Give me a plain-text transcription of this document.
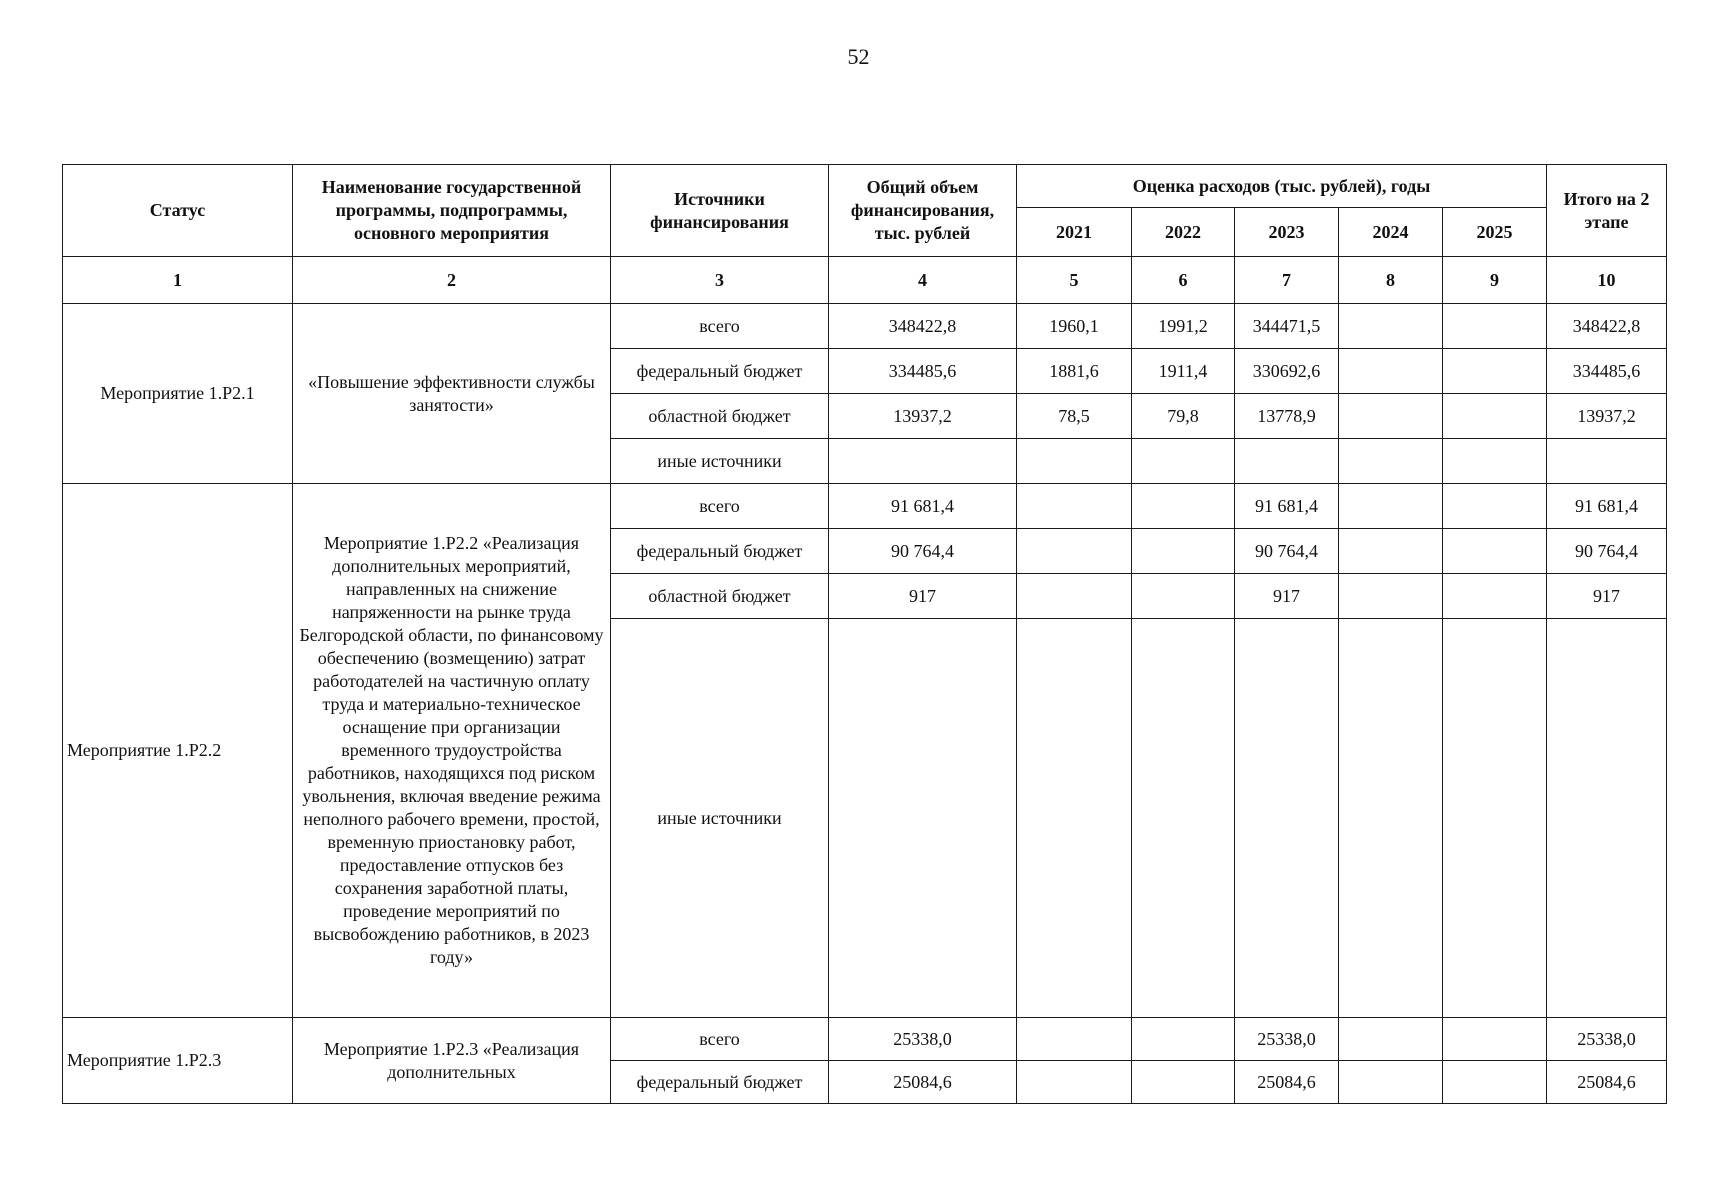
52
Статус	Наименование государственной программы, подпрограммы, основного мероприятия	Источники финансирования	Общий объем финансирования, тыс. рублей	Оценка расходов (тыс. рублей), годы					Итого на 2 этапе
				2021	2022	2023	2024	2025	
1	2	3	4	5	6	7	8	9	10
Мероприятие 1.Р2.1	«Повышение эффективности службы занятости»	всего	348422,8	1960,1	1991,2	344471,5			348422,8
		федеральный бюджет	334485,6	1881,6	1911,4	330692,6			334485,6
		областной бюджет	13937,2	78,5	79,8	13778,9			13937,2
		иные источники							
Мероприятие 1.Р2.2	Мероприятие 1.Р2.2 «Реализация дополнительных мероприятий, направленных на снижение напряженности на рынке труда Белгородской области, по финансовому обеспечению (возмещению) затрат работодателей на частичную оплату труда и материально-техническое оснащение при организации временного трудоустройства работников, находящихся под риском увольнения, включая введение режима неполного рабочего времени, простой, временную приостановку работ, предоставление отпусков без сохранения заработной платы, проведение мероприятий по высвобождению работников, в 2023 году»	всего	91 681,4			91 681,4			91 681,4
		федеральный бюджет	90 764,4			90 764,4			90 764,4
		областной бюджет	917			917			917
		иные источники							
Мероприятие 1.Р2.3	Мероприятие 1.Р2.3 «Реализация дополнительных	всего	25338,0			25338,0			25338,0
		федеральный бюджет	25084,6			25084,6			25084,6
